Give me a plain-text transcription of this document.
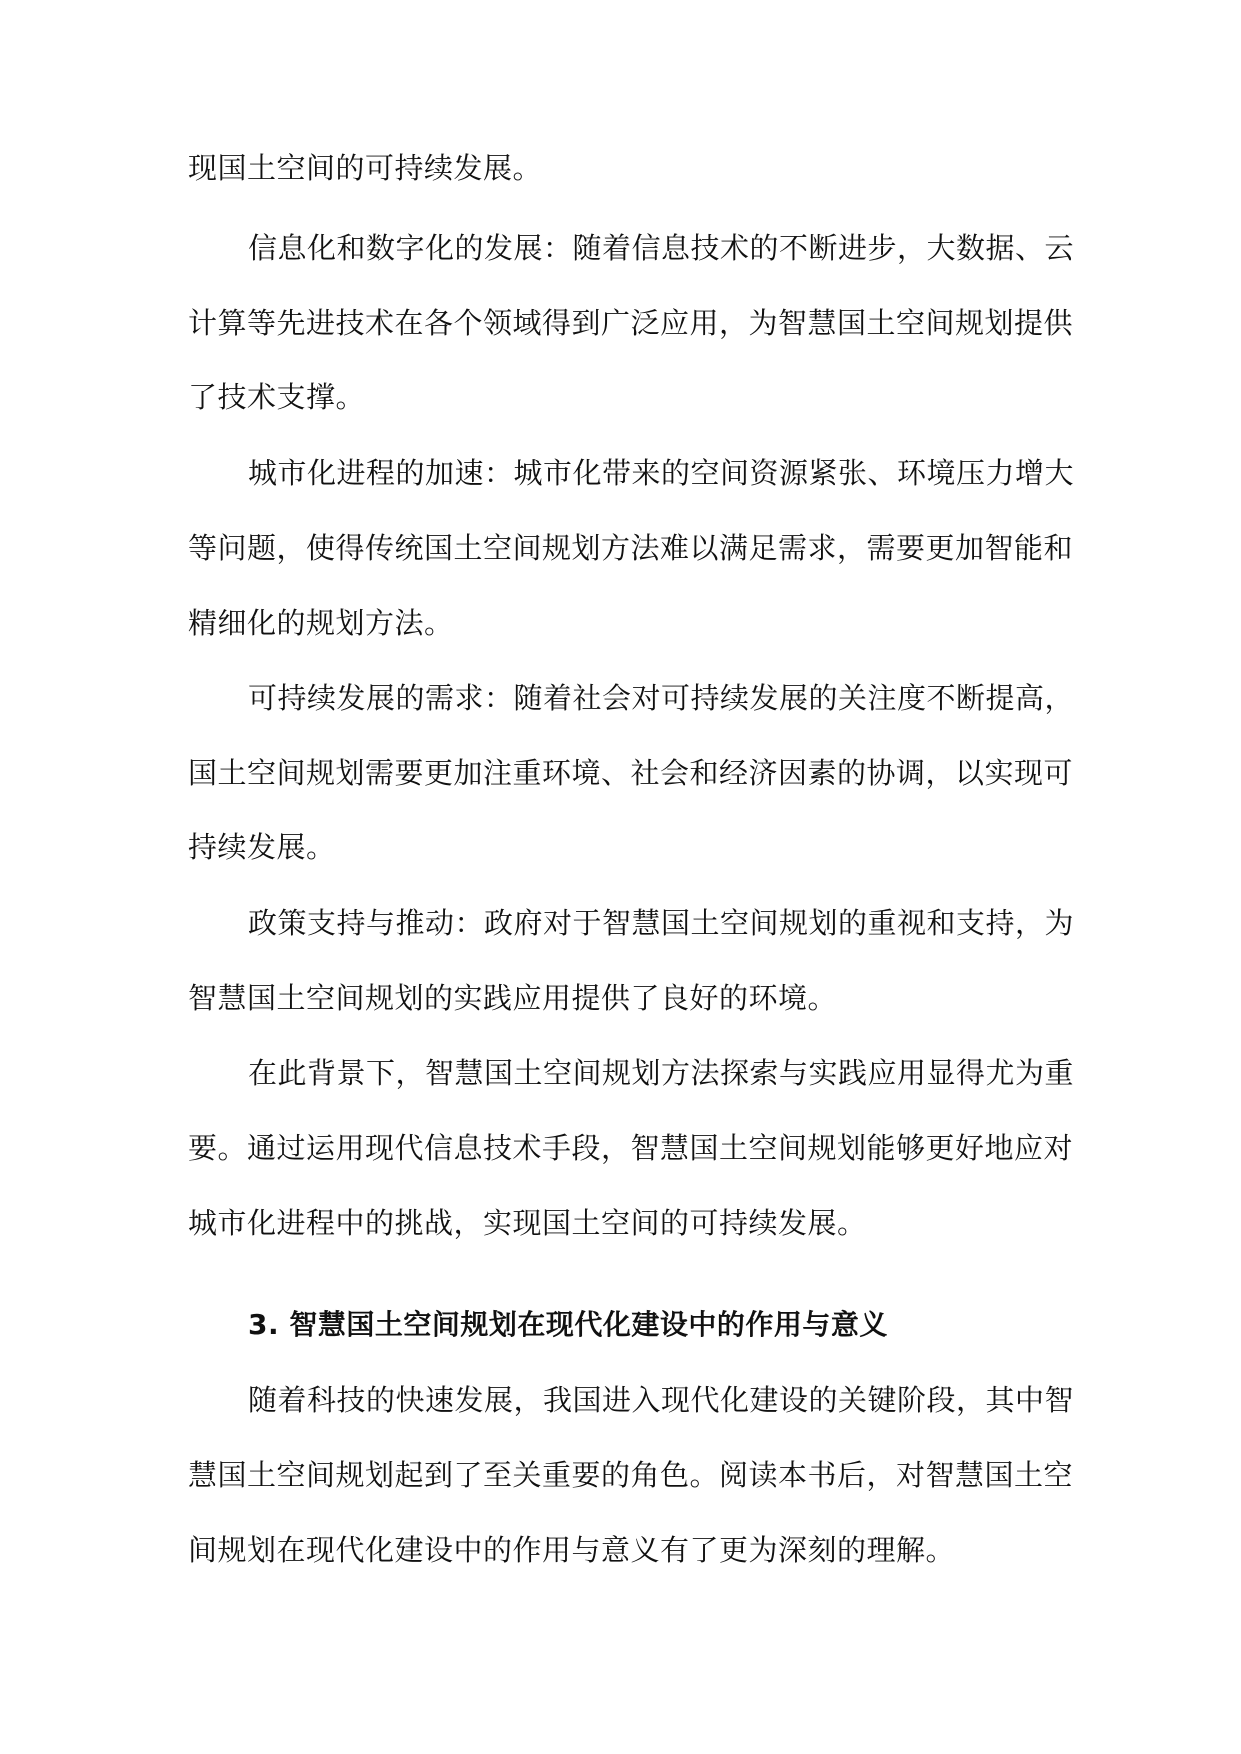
现国土空间的可持续发展。
信息化和数字化的发展：随着信息技术的不断进步，大数据、云
计算等先进技术在各个领域得到广泛应用，为智慧国土空间规划提供
了技术支撑。
城市化进程的加速：城市化带来的空间资源紧张、环境压力增大
等问题，使得传统国土空间规划方法难以满足需求，需要更加智能和
精细化的规划方法。
可持续发展的需求：随着社会对可持续发展的关注度不断提高，
国土空间规划需要更加注重环境、社会和经济因素的协调，以实现可
持续发展。
政策支持与推动：政府对于智慧国土空间规划的重视和支持，为
智慧国土空间规划的实践应用提供了良好的环境。
在此背景下，智慧国土空间规划方法探索与实践应用显得尤为重
要。通过运用现代信息技术手段，智慧国土空间规划能够更好地应对
城市化进程中的挑战，实现国土空间的可持续发展。
3. 智慧国土空间规划在现代化建设中的作用与意义
随着科技的快速发展，我国进入现代化建设的关键阶段，其中智
慧国土空间规划起到了至关重要的角色。阅读本书后，对智慧国土空
间规划在现代化建设中的作用与意义有了更为深刻的理解。
